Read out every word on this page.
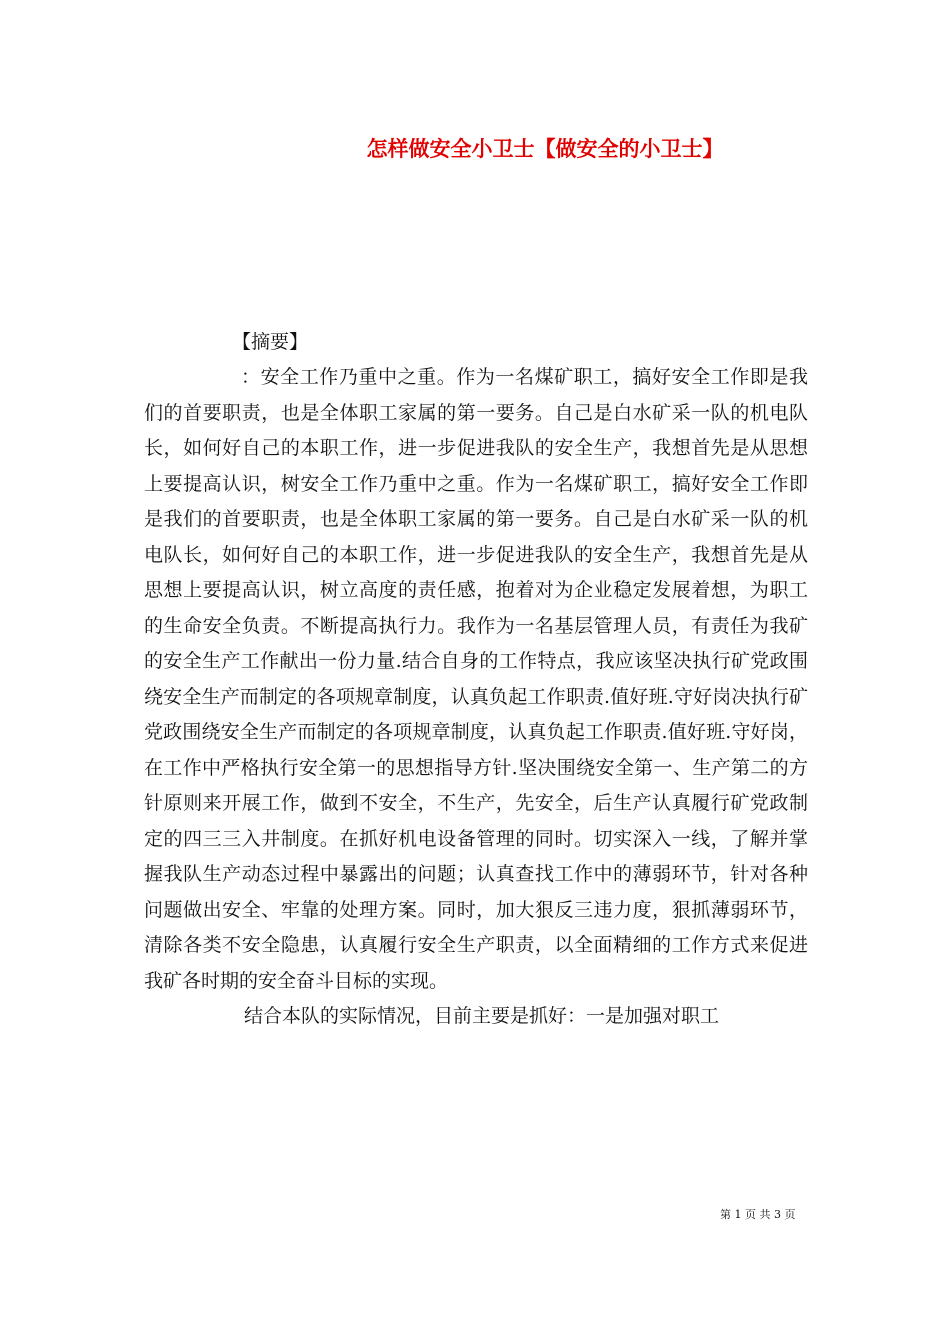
怎样做安全小卫士【做安全的小卫士】
【摘要】

：安全工作乃重中之重。作为一名煤矿职工，搞好安全工作即是我们的首要职责，也是全体职工家属的第一要务。自己是白水矿采一队的机电队长，如何好自己的本职工作，进一步促进我队的安全生产，我想首先是从思想上要提高认识，树安全工作乃重中之重。作为一名煤矿职工，搞好安全工作即是我们的首要职责，也是全体职工家属的第一要务。自己是白水矿采一队的机电队长，如何好自己的本职工作，进一步促进我队的安全生产，我想首先是从思想上要提高认识，树立高度的责任感，抱着对为企业稳定发展着想，为职工的生命安全负责。不断提高执行力。我作为一名基层管理人员，有责任为我矿的安全生产工作献出一份力量.结合自身的工作特点，我应该坚决执行矿党政围绕安全生产而制定的各项规章制度，认真负起工作职责.值好班.守好岗决执行矿党政围绕安全生产而制定的各项规章制度，认真负起工作职责.值好班.守好岗，在工作中严格执行安全第一的思想指导方针.坚决围绕安全第一、生产第二的方针原则来开展工作，做到不安全，不生产，先安全，后生产认真履行矿党政制定的四三三入井制度。在抓好机电设备管理的同时。切实深入一线，了解并掌握我队生产动态过程中暴露出的问题；认真查找工作中的薄弱环节，针对各种问题做出安全、牢靠的处理方案。同时，加大狠反三违力度，狠抓薄弱环节，清除各类不安全隐患，认真履行安全生产职责，以全面精细的工作方式来促进我矿各时期的安全奋斗目标的实现。

结合本队的实际情况，目前主要是抓好：一是加强对职工

第 1 页 共 3 页
